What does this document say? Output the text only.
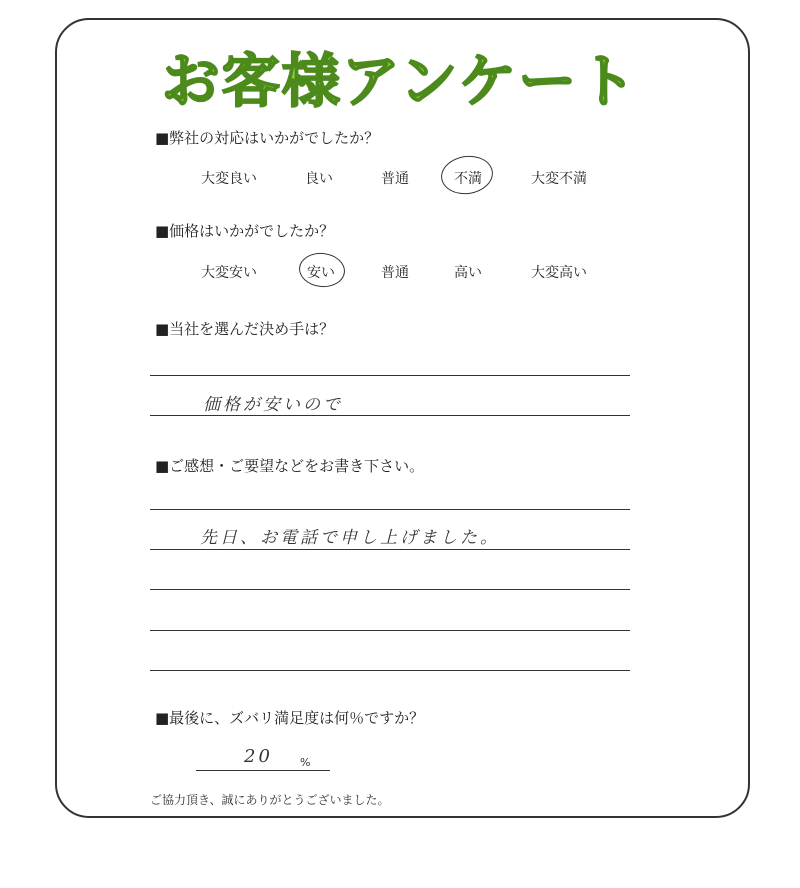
お客様アンケート
■弊社の対応はいかがでしたか？
大変良い	良い	普通	不満	大変不満
■価格はいかがでしたか？
大変安い	安い	普通	高い	大変高い
■当社を選んだ決め手は？
価格が安いので
■ご感想・ご要望などをお書き下さい。
先日、お電話で申し上げました。
■最後に、ズバリ満足度は何％ですか？
20 %
ご協力頂き、誠にありがとうございました。
